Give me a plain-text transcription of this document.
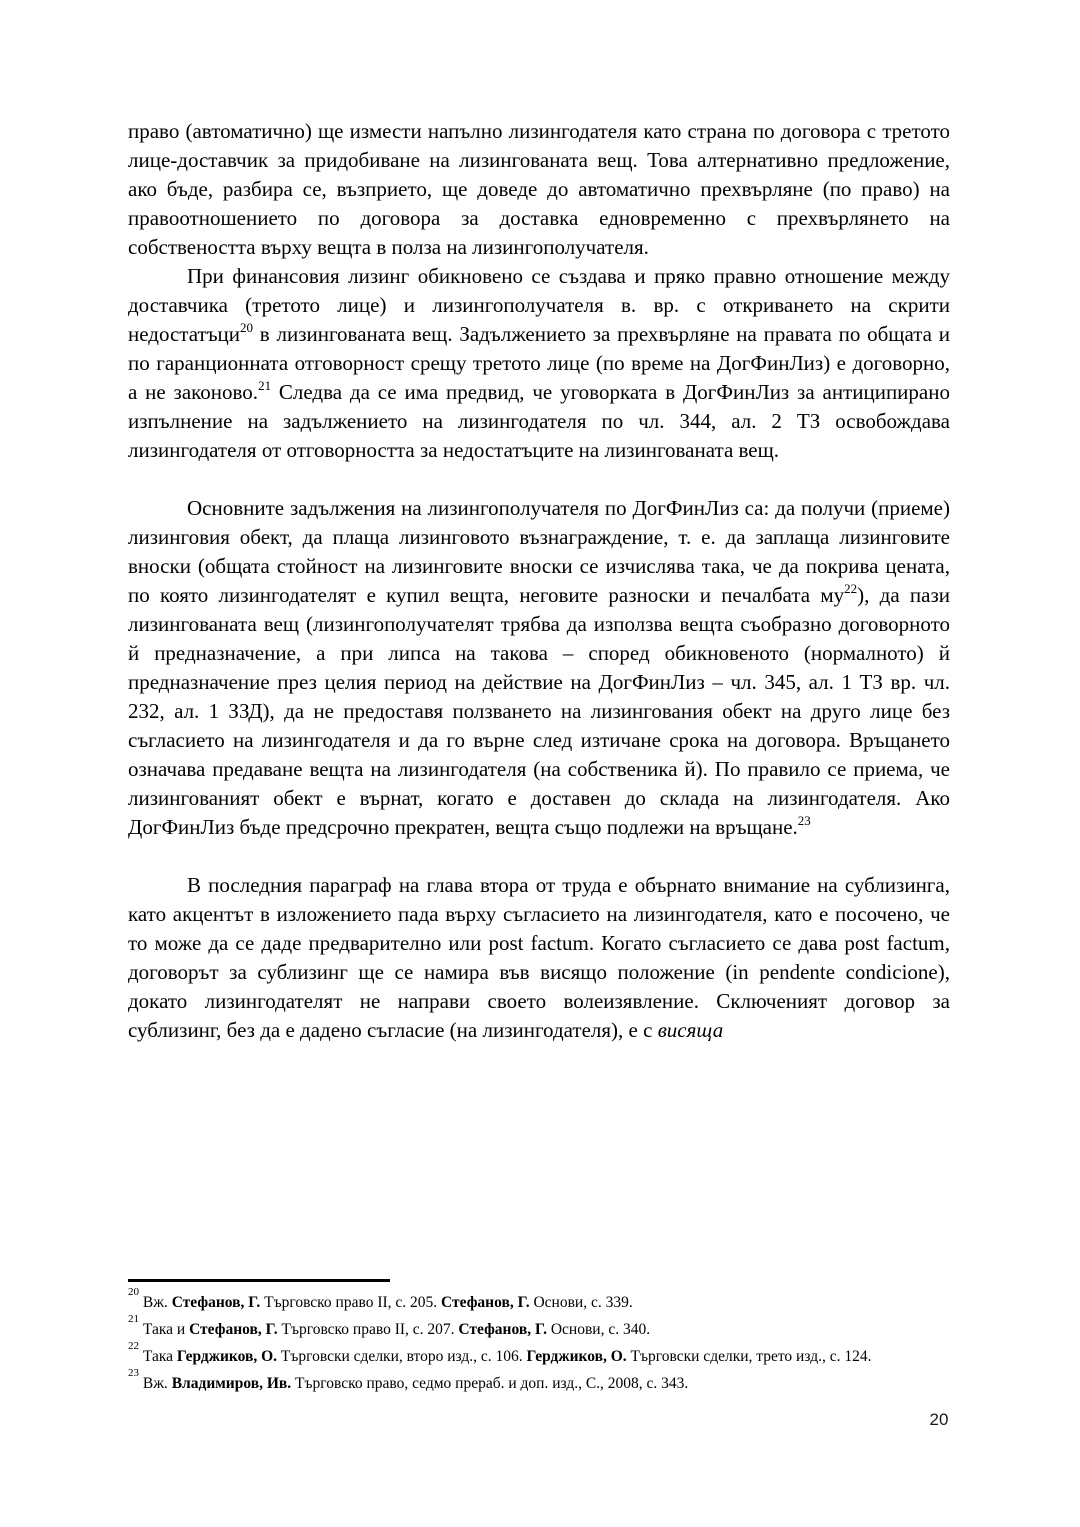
право (автоматично) ще измести напълно лизингодателя като страна по договора с третото лице-доставчик за придобиване на лизингованата вещ. Това алтернативно предложение, ако бъде, разбира се, възприето, ще доведе до автоматично прехвърляне (по право) на правоотношението по договора за доставка едновременно с прехвърлянето на собствеността върху вещта в полза на лизингополучателя.

При финансовия лизинг обикновено се създава и пряко правно отношение между доставчика (третото лице) и лизингополучателя в. вр. с откриването на скрити недостатъци$^{20}$ в лизингованата вещ. Задължението за прехвърляне на правата по общата и по гаранционната отговорност срещу третото лице (по време на ДогФинЛиз) е договорно, а не законово.$^{21}$ Следва да се има предвид, че уговорката в ДогФинЛиз за антиципирано изпълнение на задължението на лизингодателя по чл. 344, ал. 2 ТЗ освобождава лизингодателя от отговорността за недостатъците на лизингованата вещ.

Основните задължения на лизингополучателя по ДогФинЛиз са: да получи (приеме) лизинговия обект, да плаща лизинговото възнаграждение, т. е. да заплаща лизинговите вноски (общата стойност на лизинговите вноски се изчислява така, че да покрива цената, по която лизингодателят е купил вещта, неговите разноски и печалбата му$^{22}$), да пази лизингованата вещ (лизингополучателят трябва да използва вещта съобразно договорното й предназначение, а при липса на такова – според обикновеното (нормалното) й предназначение през целия период на действие на ДогФинЛиз – чл. 345, ал. 1 ТЗ вр. чл. 232, ал. 1 ЗЗД), да не предоставя ползването на лизингования обект на друго лице без съгласието на лизингодателя и да го върне след изтичане срока на договора. Връщането означава предаване вещта на лизингодателя (на собственика й). По правило се приема, че лизингованият обект е върнат, когато е доставен до склада на лизингодателя. Ако ДогФинЛиз бъде предсрочно прекратен, вещта също подлежи на връщане.$^{23}$

В последния параграф на глава втора от труда е обърнато внимание на сублизинга, като акцентът в изложението пада върху съгласието на лизингодателя, като е посочено, че то може да се даде предварително или post factum. Когато съгласието се дава post factum, договорът за сублизинг ще се намира във висящо положение (in pendente condicione), докато лизингодателят не направи своето волеизявление. Сключеният договор за сублизинг, без да е дадено съгласие (на лизингодателя), е с висяща

$^{20}$ Вж. Стефанов, Г. Търговско право II, с. 205. Стефанов, Г. Основи, с. 339.

$^{21}$ Така и Стефанов, Г. Търговско право II, с. 207. Стефанов, Г. Основи, с. 340.

$^{22}$ Така Герджиков, О. Търговски сделки, второ изд., с. 106. Герджиков, О. Търговски сделки, трето изд., с. 124.

$^{23}$ Вж. Владимиров, Ив. Търговско право, седмо прераб. и доп. изд., С., 2008, с. 343.

20
